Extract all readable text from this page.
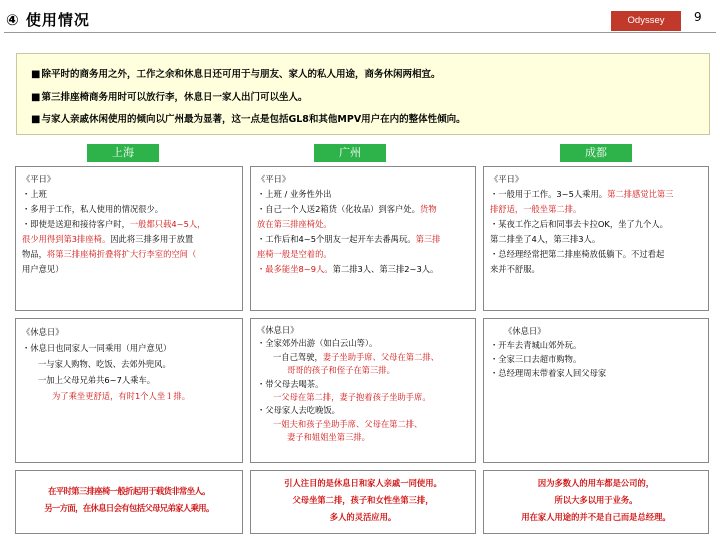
④ 使用情况	Odyssey	9
■除平时的商务用之外，工作之余和休息日还可用于与朋友、家人的私人用途，商务休闲两相宜。
■第三排座椅商务用时可以放行李，休息日一家人出门可以坐人。
■与家人亲戚休闲使用的倾向以广州最为显著，这一点是包括GL8和其他MPV用户在内的整体性倾向。
上海	广州	成都
《平日》
・上班
・多用于工作，私人使用的情况很少。
・即使是送迎和接待客户时，一般都只载4~5人，
很少用得到第3排座椅。因此将三排多用于放置
物品，将第三排座椅折叠将扩大行李室的空间（
用户意见）
《平日》
・上班 / 业务性外出
・自己一个人送2箱货（化妆品）到客户处。货物
放在第三排座椅处。
・工作后和4~5个朋友一起开车去番禺玩。第三排
座椅一般是空着的。
・最多能坐8~9人。第二排3人、第三排2~3人。
《平日》
・一般用于工作。3~5人乘用。第二排感觉比第三
排舒适，一般坐第二排。
・某夜工作之后和同事去卡拉OK，坐了九个人。
第二排坐了4人，第三排3人。
・总经理经常把第二排座椅放低躺下。不过看起
来并不舒服。
《休息日》
・休息日也同家人一同乘用（用户意见）
一与家人购物、吃饭、去郊外兜风。
一加上父母兄弟共6~7人乘车。
为了乘坐更舒适，有时1个人坐１排。
《休息日》
・全家郊外出游（如白云山等）。
一自己驾驶，妻子坐助手席、父母在第二排、
哥哥的孩子和侄子在第三排。
・带父母去喝茶。
一父母在第二排，妻子抱着孩子坐助手席。
・父母家人去吃晚饭。
一姐夫和孩子坐助手席、父母在第二排、
妻子和姐姐坐第三排。
《休息日》
・开车去青城山郊外玩。
・全家三口去超市购物。
・总经理周末带着家人回父母家
在平时第三排座椅一般折起用于载货非常坐人。
另一方面，在休息日会有包括父母兄弟家人乘用。
引人注目的是休息日和家人亲戚一同使用。
父母坐第二排，孩子和女性坐第三排，
多人的灵活应用。
因为多数人的用车都是公司的，
所以大多以用于业务。
用在家人用途的并不是自己而是总经理。
